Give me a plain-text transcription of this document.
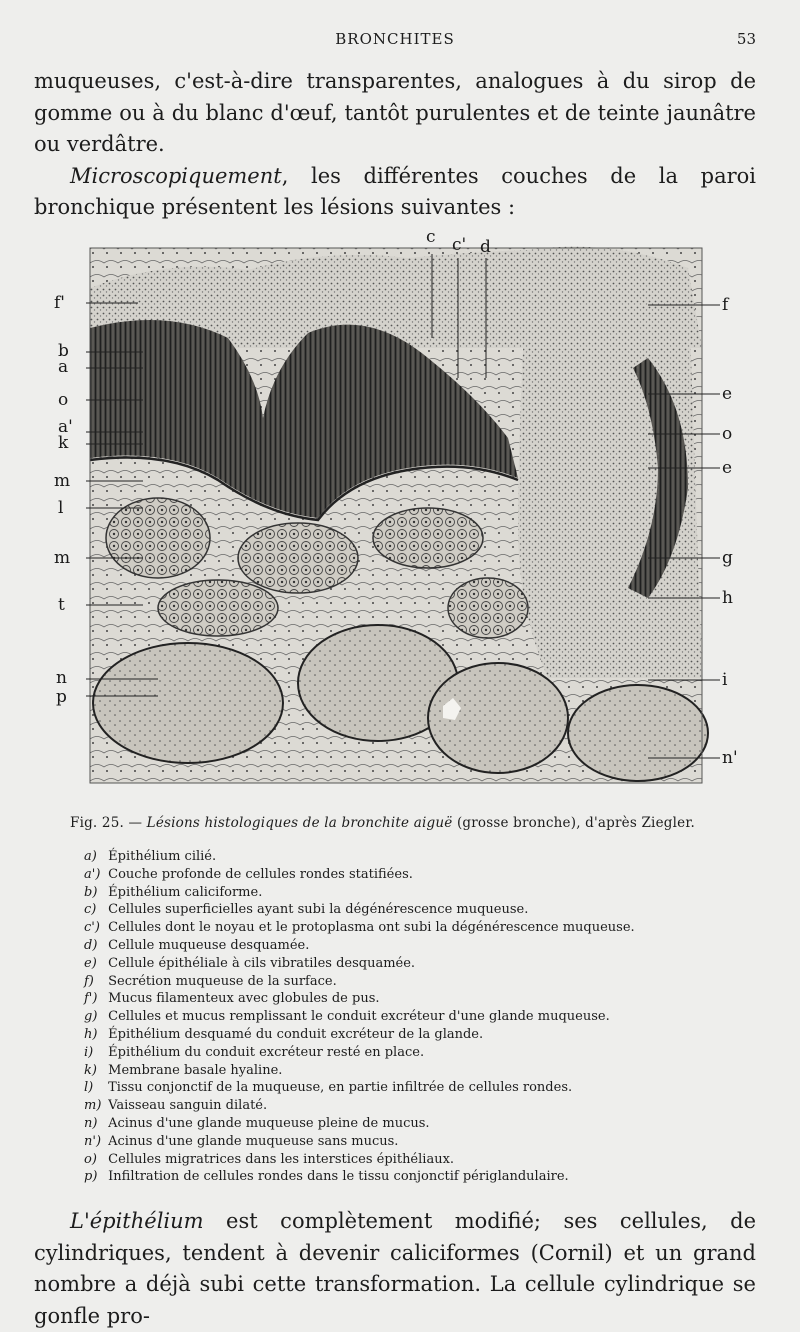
BRONCHITES	53

muqueuses, c'est-à-dire transparentes, analogues à du sirop de gomme ou à du blanc d'œuf, tantôt purulentes et de teinte jaunâtre ou verdâtre.

Microscopiquement, les différentes couches de la paroi bronchique présentent les lésions suivantes :

c c' d
f'
b
a
o
a'
k
m
l
m
t
n
p
f
e
o
e
g
h
i
n'
Fig. 25. — Lésions histologiques de la bronchite aiguë (grosse bronche), d'après Ziegler.
a) Épithélium cilié.
a') Couche profonde de cellules rondes statifiées.
b) Épithélium caliciforme.
c) Cellules superficielles ayant subi la dégénérescence muqueuse.
c') Cellules dont le noyau et le protoplasma ont subi la dégénérescence muqueuse.
d) Cellule muqueuse desquamée.
e) Cellule épithéliale à cils vibratiles desquamée.
f) Secrétion muqueuse de la surface.
f') Mucus filamenteux avec globules de pus.
g) Cellules et mucus remplissant le conduit excréteur d'une glande muqueuse.
h) Épithélium desquamé du conduit excréteur de la glande.
i) Épithélium du conduit excréteur resté en place.
k) Membrane basale hyaline.
l) Tissu conjonctif de la muqueuse, en partie infiltrée de cellules rondes.
m) Vaisseau sanguin dilaté.
n) Acinus d'une glande muqueuse pleine de mucus.
n') Acinus d'une glande muqueuse sans mucus.
o) Cellules migratrices dans les interstices épithéliaux.
p) Infiltration de cellules rondes dans le tissu conjonctif périglandulaire.

L'épithélium est complètement modifié; ses cellules, de cylindriques, tendent à devenir caliciformes (Cornil) et un grand nombre a déjà subi cette transformation. La cellule cylindrique se gonfle pro-
